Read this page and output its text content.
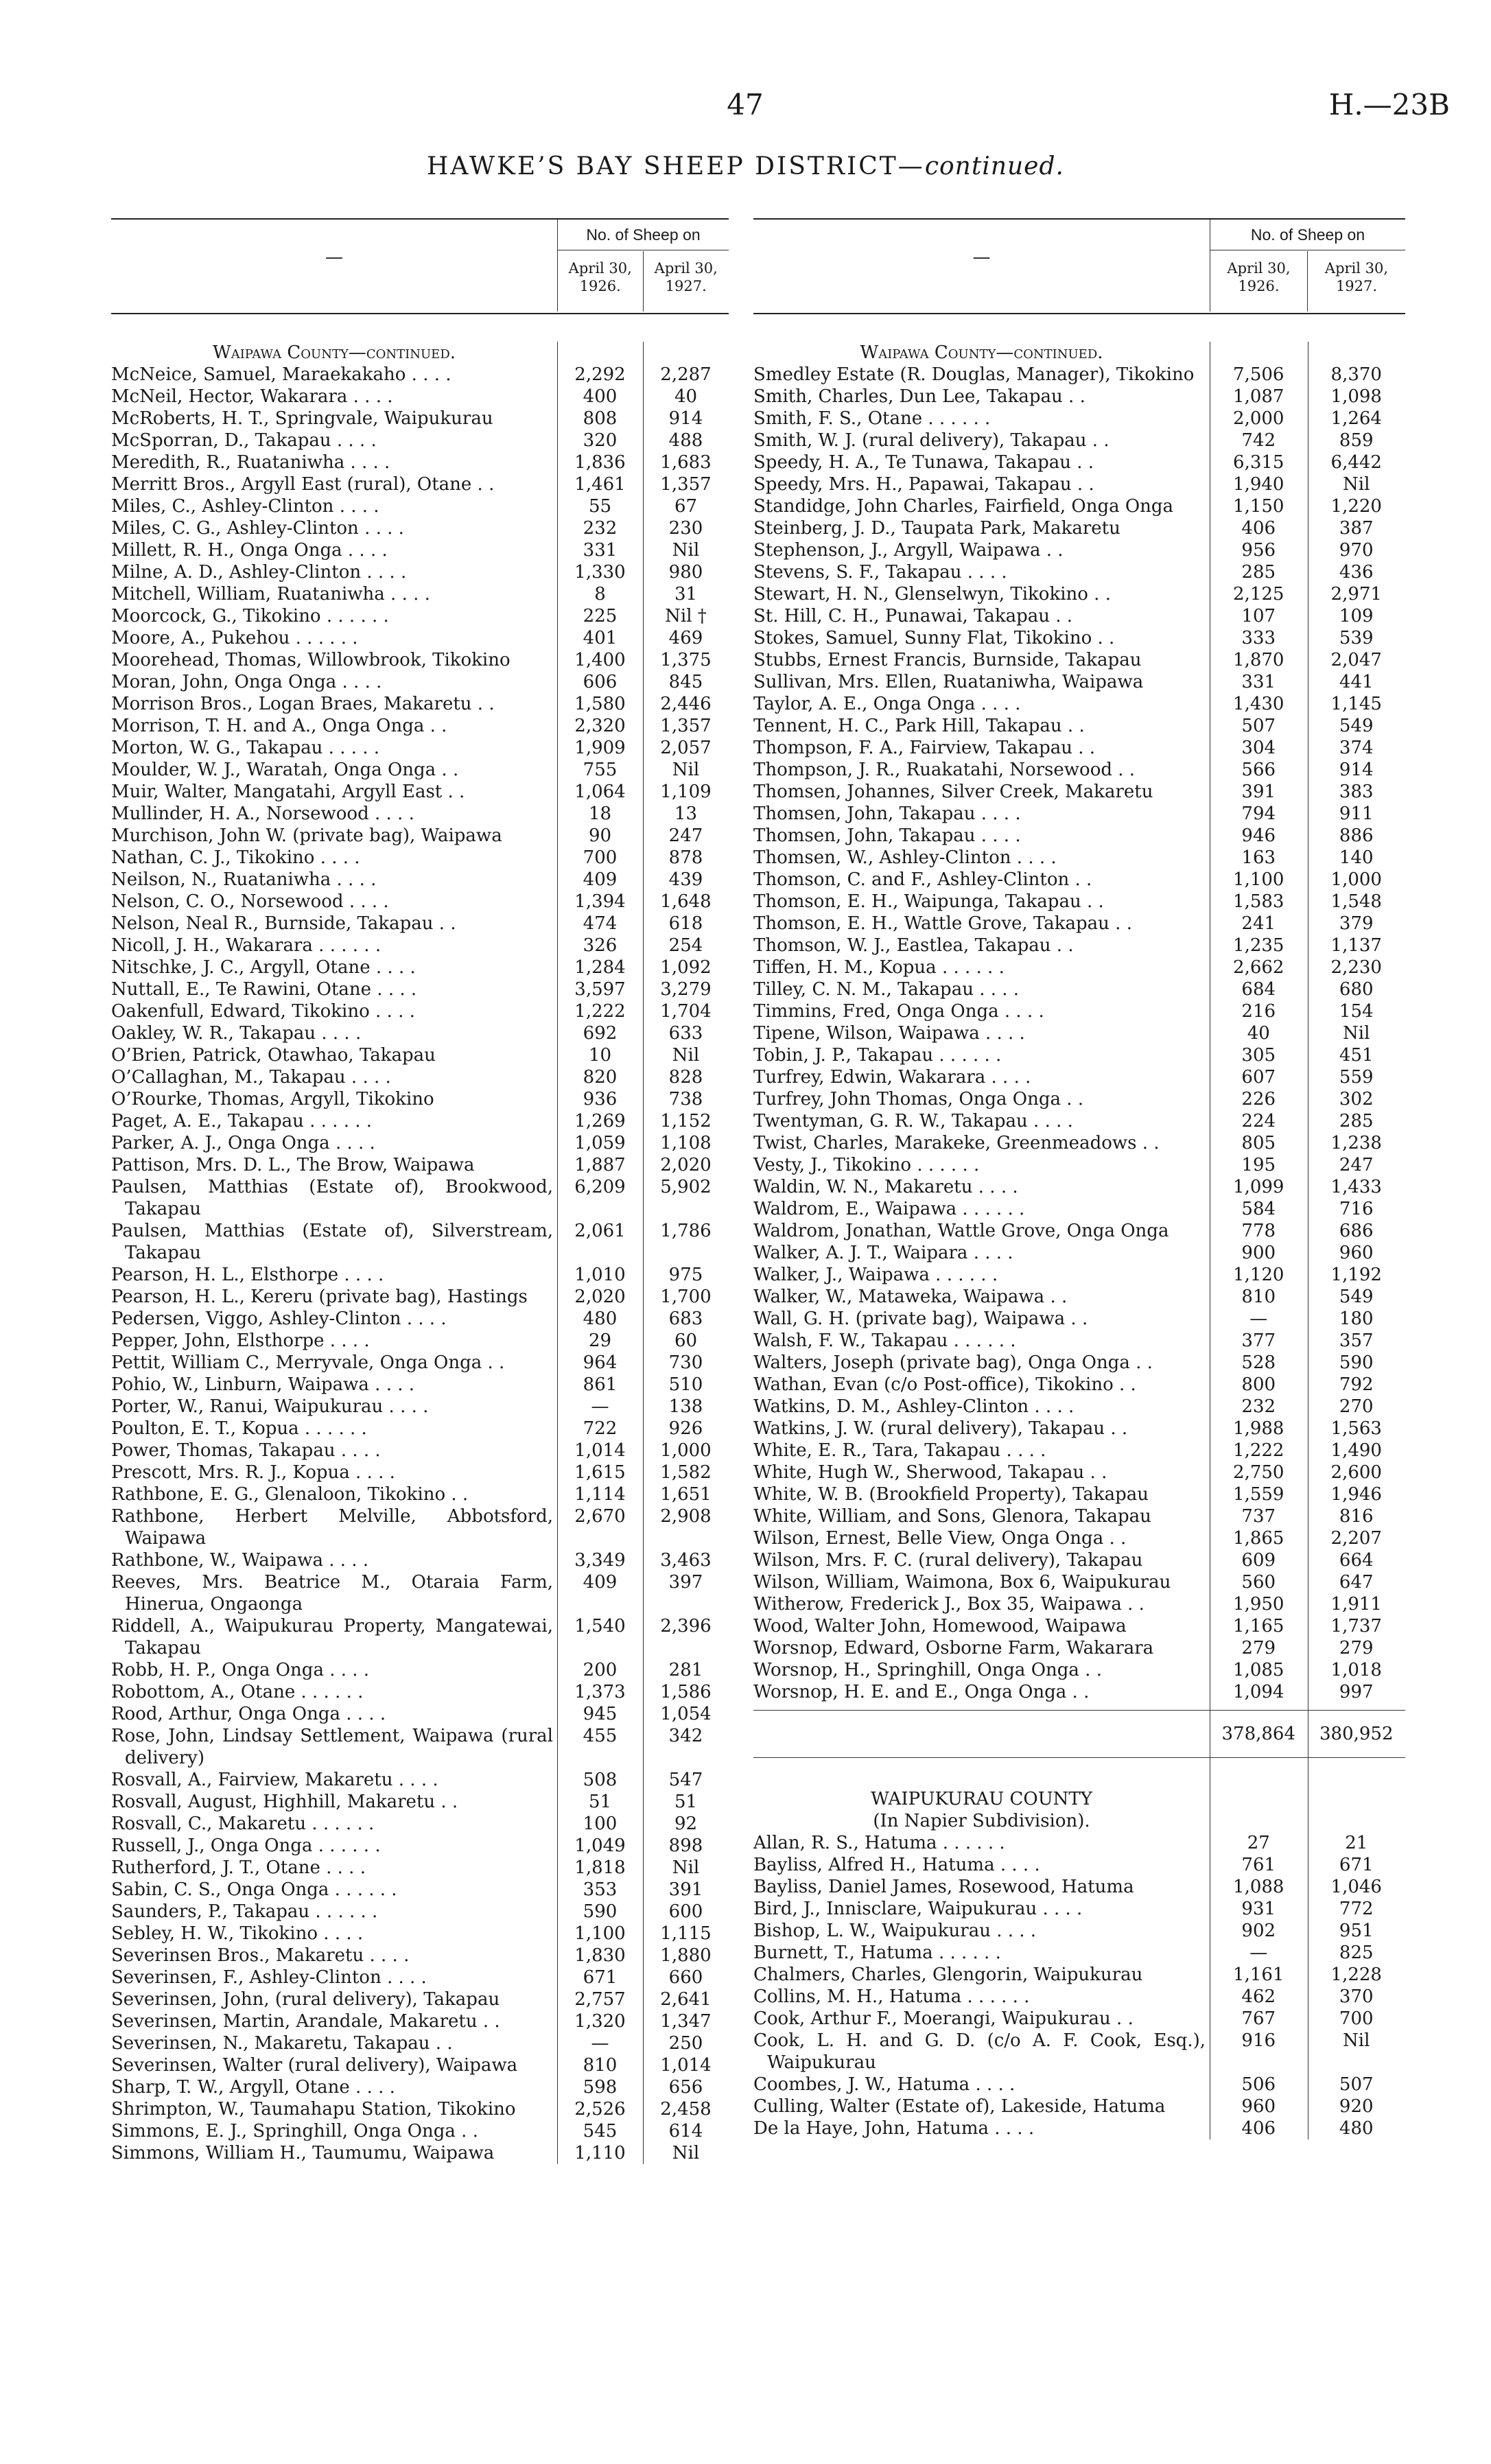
47	H.—23B
HAWKE’S BAY SHEEP DISTRICT—continued.
—
No. of Sheep on
April 30,
1926.
April 30,
1927.
Waipawa County—continued.
McNeice, Samuel, Maraekakaho . . . .	2,292	2,287
McNeil, Hector, Wakarara . . . .	400	40
McRoberts, H. T., Springvale, Waipukurau	808	914
McSporran, D., Takapau . . . .	320	488
Meredith, R., Ruataniwha . . . .	1,836	1,683
Merritt Bros., Argyll East (rural), Otane . .	1,461	1,357
Miles, C., Ashley-Clinton . . . .	55	67
Miles, C. G., Ashley-Clinton . . . .	232	230
Millett, R. H., Onga Onga . . . .	331	Nil
Milne, A. D., Ashley-Clinton . . . .	1,330	980
Mitchell, William, Ruataniwha . . . .	8	31
Moorcock, G., Tikokino . . . . . .	225	Nil †
Moore, A., Pukehou . . . . . .	401	469
Moorehead, Thomas, Willowbrook, Tikokino	1,400	1,375
Moran, John, Onga Onga . . . .	606	845
Morrison Bros., Logan Braes, Makaretu . .	1,580	2,446
Morrison, T. H. and A., Onga Onga . .	2,320	1,357
Morton, W. G., Takapau . . . . .	1,909	2,057
Moulder, W. J., Waratah, Onga Onga . .	755	Nil
Muir, Walter, Mangatahi, Argyll East . .	1,064	1,109
Mullinder, H. A., Norsewood . . . .	18	13
Murchison, John W. (private bag), Waipawa	90	247
Nathan, C. J., Tikokino . . . .	700	878
Neilson, N., Ruataniwha . . . .	409	439
Nelson, C. O., Norsewood . . . .	1,394	1,648
Nelson, Neal R., Burnside, Takapau . .	474	618
Nicoll, J. H., Wakarara . . . . . .	326	254
Nitschke, J. C., Argyll, Otane . . . .	1,284	1,092
Nuttall, E., Te Rawini, Otane . . . .	3,597	3,279
Oakenfull, Edward, Tikokino . . . .	1,222	1,704
Oakley, W. R., Takapau . . . .	692	633
O’Brien, Patrick, Otawhao, Takapau	10	Nil
O’Callaghan, M., Takapau . . . .	820	828
O’Rourke, Thomas, Argyll, Tikokino	936	738
Paget, A. E., Takapau . . . . . .	1,269	1,152
Parker, A. J., Onga Onga . . . .	1,059	1,108
Pattison, Mrs. D. L., The Brow, Waipawa	1,887	2,020
Paulsen, Matthias (Estate of), Brookwood, Takapau
6,209	5,902
Paulsen, Matthias (Estate of), Silverstream, Takapau
2,061	1,786
Pearson, H. L., Elsthorpe . . . .	1,010	975
Pearson, H. L., Kereru (private bag), Hastings	2,020	1,700
Pedersen, Viggo, Ashley-Clinton . . . .	480	683
Pepper, John, Elsthorpe . . . .	29	60
Pettit, William C., Merryvale, Onga Onga . .	964	730
Pohio, W., Linburn, Waipawa . . . .	861	510
Porter, W., Ranui, Waipukurau . . . .	—	138
Poulton, E. T., Kopua . . . . . .	722	926
Power, Thomas, Takapau . . . .	1,014	1,000
Prescott, Mrs. R. J., Kopua . . . .	1,615	1,582
Rathbone, E. G., Glenaloon, Tikokino . .	1,114	1,651
Rathbone, Herbert Melville, Abbotsford, Waipawa
2,670	2,908
Rathbone, W., Waipawa . . . .	3,349	3,463
Reeves, Mrs. Beatrice M., Otaraia Farm, Hinerua, Ongaonga
409	397
Riddell, A., Waipukurau Property, Mangatewai, Takapau
1,540	2,396
Robb, H. P., Onga Onga . . . .	200	281
Robottom, A., Otane . . . . . .	1,373	1,586
Rood, Arthur, Onga Onga . . . .	945	1,054
Rose, John, Lindsay Settlement, Waipawa (rural delivery)
455	342
Rosvall, A., Fairview, Makaretu . . . .	508	547
Rosvall, August, Highhill, Makaretu . .	51	51
Rosvall, C., Makaretu . . . . . .	100	92
Russell, J., Onga Onga . . . . . .	1,049	898
Rutherford, J. T., Otane . . . .	1,818	Nil
Sabin, C. S., Onga Onga . . . . . .	353	391
Saunders, P., Takapau . . . . . .	590	600
Sebley, H. W., Tikokino . . . .	1,100	1,115
Severinsen Bros., Makaretu . . . .	1,830	1,880
Severinsen, F., Ashley-Clinton . . . .	671	660
Severinsen, John, (rural delivery), Takapau	2,757	2,641
Severinsen, Martin, Arandale, Makaretu . .	1,320	1,347
Severinsen, N., Makaretu, Takapau . .	—	250
Severinsen, Walter (rural delivery), Waipawa	810	1,014
Sharp, T. W., Argyll, Otane . . . .	598	656
Shrimpton, W., Taumahapu Station, Tikokino	2,526	2,458
Simmons, E. J., Springhill, Onga Onga . .	545	614
Simmons, William H., Taumumu, Waipawa	1,110	Nil
—
No. of Sheep on
April 30,
1926.
April 30,
1927.
Waipawa County—continued.
Smedley Estate (R. Douglas, Manager), Tikokino	7,506	8,370
Smith, Charles, Dun Lee, Takapau . .	1,087	1,098
Smith, F. S., Otane . . . . . .	2,000	1,264
Smith, W. J. (rural delivery), Takapau . .	742	859
Speedy, H. A., Te Tunawa, Takapau . .	6,315	6,442
Speedy, Mrs. H., Papawai, Takapau . .	1,940	Nil
Standidge, John Charles, Fairfield, Onga Onga	1,150	1,220
Steinberg, J. D., Taupata Park, Makaretu	406	387
Stephenson, J., Argyll, Waipawa . .	956	970
Stevens, S. F., Takapau . . . .	285	436
Stewart, H. N., Glenselwyn, Tikokino . .	2,125	2,971
St. Hill, C. H., Punawai, Takapau . .	107	109
Stokes, Samuel, Sunny Flat, Tikokino . .	333	539
Stubbs, Ernest Francis, Burnside, Takapau	1,870	2,047
Sullivan, Mrs. Ellen, Ruataniwha, Waipawa	331	441
Taylor, A. E., Onga Onga . . . .	1,430	1,145
Tennent, H. C., Park Hill, Takapau . .	507	549
Thompson, F. A., Fairview, Takapau . .	304	374
Thompson, J. R., Ruakatahi, Norsewood . .	566	914
Thomsen, Johannes, Silver Creek, Makaretu	391	383
Thomsen, John, Takapau . . . .	794	911
Thomsen, John, Takapau . . . .	946	886
Thomsen, W., Ashley-Clinton . . . .	163	140
Thomson, C. and F., Ashley-Clinton . .	1,100	1,000
Thomson, E. H., Waipunga, Takapau . .	1,583	1,548
Thomson, E. H., Wattle Grove, Takapau . .	241	379
Thomson, W. J., Eastlea, Takapau . .	1,235	1,137
Tiffen, H. M., Kopua . . . . . .	2,662	2,230
Tilley, C. N. M., Takapau . . . .	684	680
Timmins, Fred, Onga Onga . . . .	216	154
Tipene, Wilson, Waipawa . . . .	40	Nil
Tobin, J. P., Takapau . . . . . .	305	451
Turfrey, Edwin, Wakarara . . . .	607	559
Turfrey, John Thomas, Onga Onga . .	226	302
Twentyman, G. R. W., Takapau . . . .	224	285
Twist, Charles, Marakeke, Greenmeadows . .	805	1,238
Vesty, J., Tikokino . . . . . .	195	247
Waldin, W. N., Makaretu . . . .	1,099	1,433
Waldrom, E., Waipawa . . . . . .	584	716
Waldrom, Jonathan, Wattle Grove, Onga Onga	778	686
Walker, A. J. T., Waipara . . . .	900	960
Walker, J., Waipawa . . . . . .	1,120	1,192
Walker, W., Mataweka, Waipawa . .	810	549
Wall, G. H. (private bag), Waipawa . .	—	180
Walsh, F. W., Takapau . . . . . .	377	357
Walters, Joseph (private bag), Onga Onga . .	528	590
Wathan, Evan (c/o Post-office), Tikokino . .	800	792
Watkins, D. M., Ashley-Clinton . . . .	232	270
Watkins, J. W. (rural delivery), Takapau . .	1,988	1,563
White, E. R., Tara, Takapau . . . .	1,222	1,490
White, Hugh W., Sherwood, Takapau . .	2,750	2,600
White, W. B. (Brookfield Property), Takapau	1,559	1,946
White, William, and Sons, Glenora, Takapau	737	816
Wilson, Ernest, Belle View, Onga Onga . .	1,865	2,207
Wilson, Mrs. F. C. (rural delivery), Takapau	609	664
Wilson, William, Waimona, Box 6, Waipukurau	560	647
Witherow, Frederick J., Box 35, Waipawa . .	1,950	1,911
Wood, Walter John, Homewood, Waipawa	1,165	1,737
Worsnop, Edward, Osborne Farm, Wakarara	279	279
Worsnop, H., Springhill, Onga Onga . .	1,085	1,018
Worsnop, H. E. and E., Onga Onga . .	1,094	997
378,864	380,952
WAIPUKURAU COUNTY
(In Napier Subdivision).
Allan, R. S., Hatuma . . . . . .	27	21
Bayliss, Alfred H., Hatuma . . . .	761	671
Bayliss, Daniel James, Rosewood, Hatuma	1,088	1,046
Bird, J., Innisclare, Waipukurau . . . .	931	772
Bishop, L. W., Waipukurau . . . .	902	951
Burnett, T., Hatuma . . . . . .	—	825
Chalmers, Charles, Glengorin, Waipukurau	1,161	1,228
Collins, M. H., Hatuma . . . . . .	462	370
Cook, Arthur F., Moerangi, Waipukurau . .	767	700
Cook, L. H. and G. D. (c/o A. F. Cook, Esq.), Waipukurau
916	Nil
Coombes, J. W., Hatuma . . . .	506	507
Culling, Walter (Estate of), Lakeside, Hatuma	960	920
De la Haye, John, Hatuma . . . .	406	480
